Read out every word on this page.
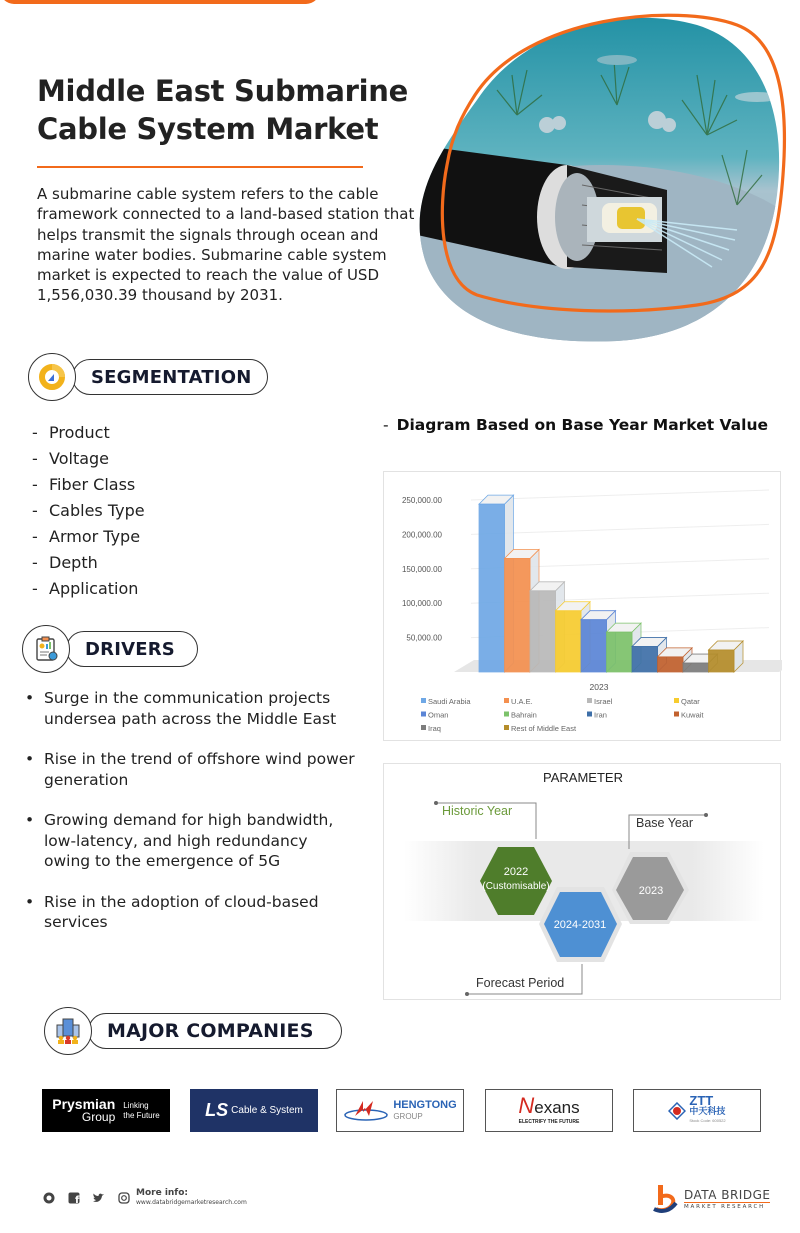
Middle East Submarine
Cable System Market

A submarine cable system refers to the cable framework connected to a land-based station that helps transmit the signals through ocean and marine water bodies. Submarine cable system market is expected to reach the value of USD 1,556,030.39 thousand by 2031.

SEGMENTATION
- Product
- Voltage
- Fiber Class
- Cables Type
- Armor Type
- Depth
- Application
DRIVERS
• Surge in the communication projects undersea path across the Middle East
• Rise in the trend of offshore wind power generation
• Growing demand for high bandwidth, low-latency, and high redundancy owing to the emergence of 5G
• Rise in the adoption of cloud-based services
- Diagram Based on Base Year Market Value
50,000.00
100,000.00
150,000.00
200,000.00
250,000.00
2023
Saudi Arabia	U.A.E.	Israel	Qatar
Oman	Bahrain	Iran	Kuwait
Iraq	Rest of Middle East
PARAMETER
Historic Year
2022
(Customisable)
2024-2031
2023
Base Year
Forecast Period
MAJOR COMPANIES
Prysmian
Group
Linking
the Future	LS Cable & System	HENGTONG
GROUP	Nexans
ELECTRIFY THE FUTURE
ZTT
中天科技
Stock Code: 600522
f
More info:
www.databridgemarketresearch.com
DATA BRIDGE
MARKET RESEARCH
